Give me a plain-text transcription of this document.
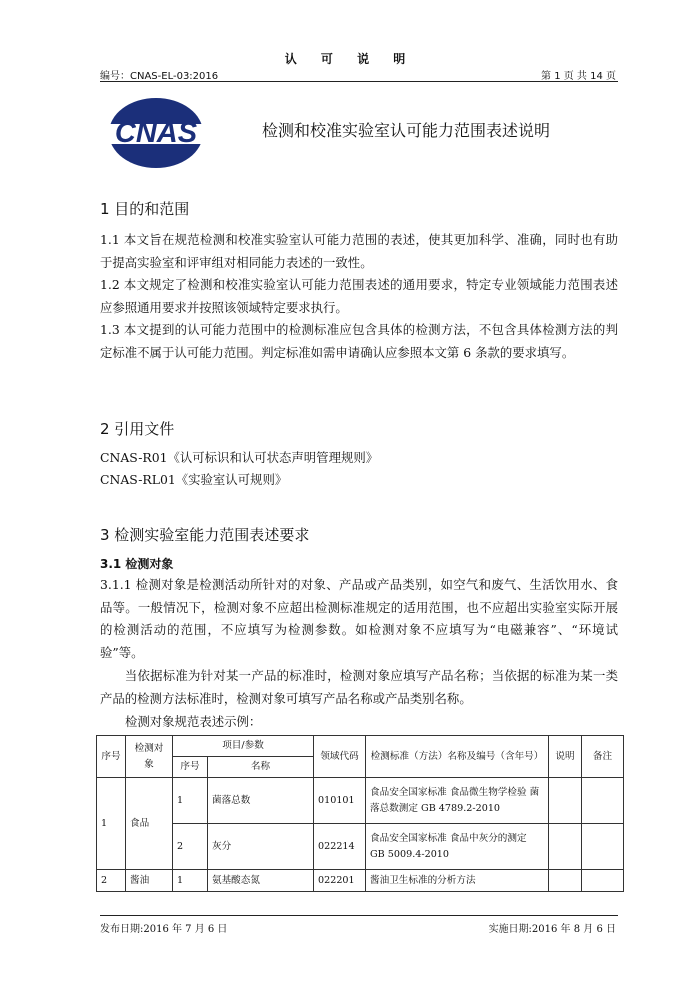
认 可 说 明
编号：CNAS-EL-03:2016	第 1 页 共 14 页
CNAS	检测和校准实验室认可能力范围表述说明
1 目的和范围
1.1 本文旨在规范检测和校准实验室认可能力范围的表述，使其更加科学、准确，同时也有助于提高实验室和评审组对相同能力表述的一致性。
1.2 本文规定了检测和校准实验室认可能力范围表述的通用要求，特定专业领域能力范围表述应参照通用要求并按照该领域特定要求执行。
1.3 本文提到的认可能力范围中的检测标准应包含具体的检测方法，不包含具体检测方法的判定标准不属于认可能力范围。判定标准如需申请确认应参照本文第 6 条款的要求填写。
2 引用文件
CNAS-R01《认可标识和认可状态声明管理规则》
CNAS-RL01《实验室认可规则》
3 检测实验室能力范围表述要求
3.1 检测对象
3.1.1 检测对象是检测活动所针对的对象、产品或产品类别，如空气和废气、生活饮用水、食品等。一般情况下，检测对象不应超出检测标准规定的适用范围，也不应超出实验室实际开展的检测活动的范围，不应填写为检测参数。如检测对象不应填写为“电磁兼容”、“环境试验”等。
当依据标准为针对某一产品的标准时，检测对象应填写产品名称；当依据的标准为某一类产品的检测方法标准时，检测对象可填写产品名称或产品类别名称。
检测对象规范表述示例：
序号	检测对象	项目/参数		领域代码	检测标准（方法）名称及编号（含年号）	说明	备注
		序号	名称				
1	食品	1	菌落总数	010101	食品安全国家标准 食品微生物学检验 菌落总数测定 GB 4789.2-2010		
		2	灰分	022214	食品安全国家标准 食品中灰分的测定 GB 5009.4-2010		
2	酱油	1	氨基酸态氮	022201	酱油卫生标准的分析方法		
发布日期:2016 年 7 月 6 日	实施日期:2016 年 8 月 6 日
